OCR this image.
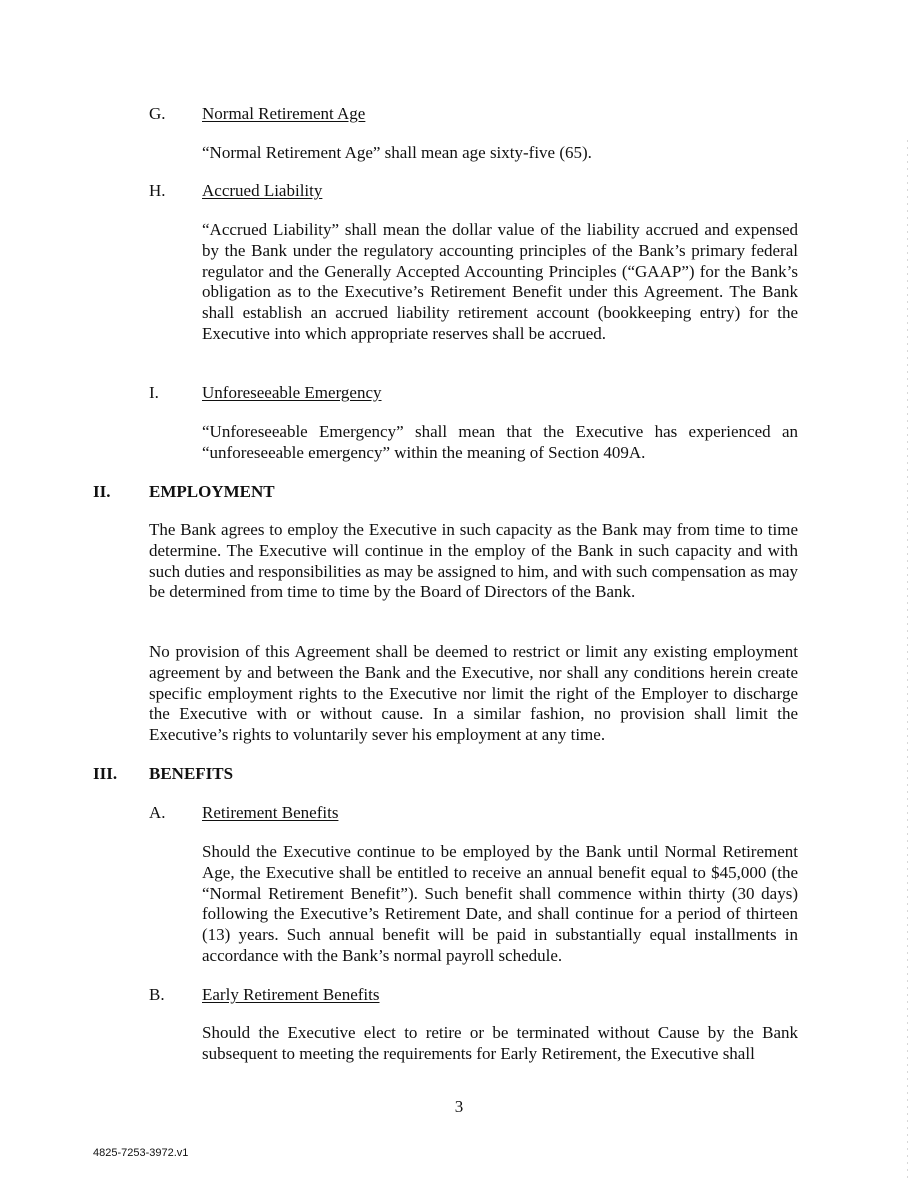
G. Normal Retirement Age

“Normal Retirement Age” shall mean age sixty-five (65).

H. Accrued Liability

“Accrued Liability” shall mean the dollar value of the liability accrued and expensed by the Bank under the regulatory accounting principles of the Bank’s primary federal regulator and the Generally Accepted Accounting Principles (“GAAP”) for the Bank’s obligation as to the Executive’s Retirement Benefit under this Agreement. The Bank shall establish an accrued liability retirement account (bookkeeping entry) for the Executive into which appropriate reserves shall be accrued.

I.	Unforeseeable Emergency

“Unforeseeable Emergency” shall mean that the Executive has experienced an “unforeseeable emergency” within the meaning of Section 409A.

II. EMPLOYMENT

The Bank agrees to employ the Executive in such capacity as the Bank may from time to time determine. The Executive will continue in the employ of the Bank in such capacity and with such duties and responsibilities as may be assigned to him, and with such compensation as may be determined from time to time by the Board of Directors of the Bank.

No provision of this Agreement shall be deemed to restrict or limit any existing employment agreement by and between the Bank and the Executive, nor shall any conditions herein create specific employment rights to the Executive nor limit the right of the Employer to discharge the Executive with or without cause. In a similar fashion, no provision shall limit the Executive’s rights to voluntarily sever his employment at any time.

III. BENEFITS
A. Retirement Benefits

Should the Executive continue to be employed by the Bank until Normal Retirement Age, the Executive shall be entitled to receive an annual benefit equal to $45,000 (the “Normal Retirement Benefit”). Such benefit shall commence within thirty (30 days) following the Executive’s Retirement Date, and shall continue for a period of thirteen (13) years. Such annual benefit will be paid in substantially equal installments in accordance with the Bank’s normal payroll schedule.

B. Early Retirement Benefits

Should the Executive elect to retire or be terminated without Cause by the Bank subsequent to meeting the requirements for Early Retirement, the Executive shall

3
4825-7253-3972.v1
